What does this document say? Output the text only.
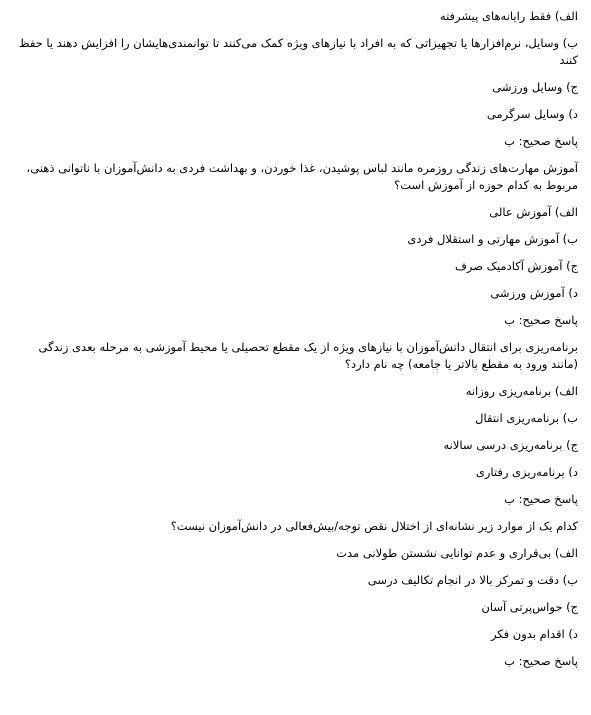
الف) فقط رایانه‌های پیشرفته

ب) وسایل، نرم‌افزارها یا تجهیزاتی که به افراد با نیازهای ویژه کمک می‌کنند تا توانمندی‌هایشان را افزایش دهند یا حفظ کنند

ج) وسایل ورزشی

د) وسایل سرگرمی

پاسخ صحیح: ب

آموزش مهارت‌های زندگی روزمره مانند لباس پوشیدن، غذا خوردن، و بهداشت فردی به دانش‌آموزان با ناتوانی ذهنی، مربوط به کدام حوزه از آموزش است؟

الف) آموزش عالی

ب) آموزش مهارتی و استقلال فردی

ج) آموزش آکادمیک صرف

د) آموزش ورزشی

پاسخ صحیح: ب

برنامه‌ریزی برای انتقال دانش‌آموزان با نیازهای ویژه از یک مقطع تحصیلی یا محیط آموزشی به مرحله بعدی زندگی (مانند ورود به مقطع بالاتر یا جامعه) چه نام دارد؟

الف) برنامه‌ریزی روزانه

ب) برنامه‌ریزی انتقال

ج) برنامه‌ریزی درسی سالانه

د) برنامه‌ریزی رفتاری

پاسخ صحیح: ب

کدام یک از موارد زیر نشانه‌ای از اختلال نقص توجه/بیش‌فعالی در دانش‌آموزان نیست؟

الف) بی‌قراری و عدم توانایی نشستن طولانی مدت

ب) دقت و تمرکز بالا در انجام تکالیف درسی

ج) حواس‌پرتی آسان

د) اقدام بدون فکر

پاسخ صحیح: ب
